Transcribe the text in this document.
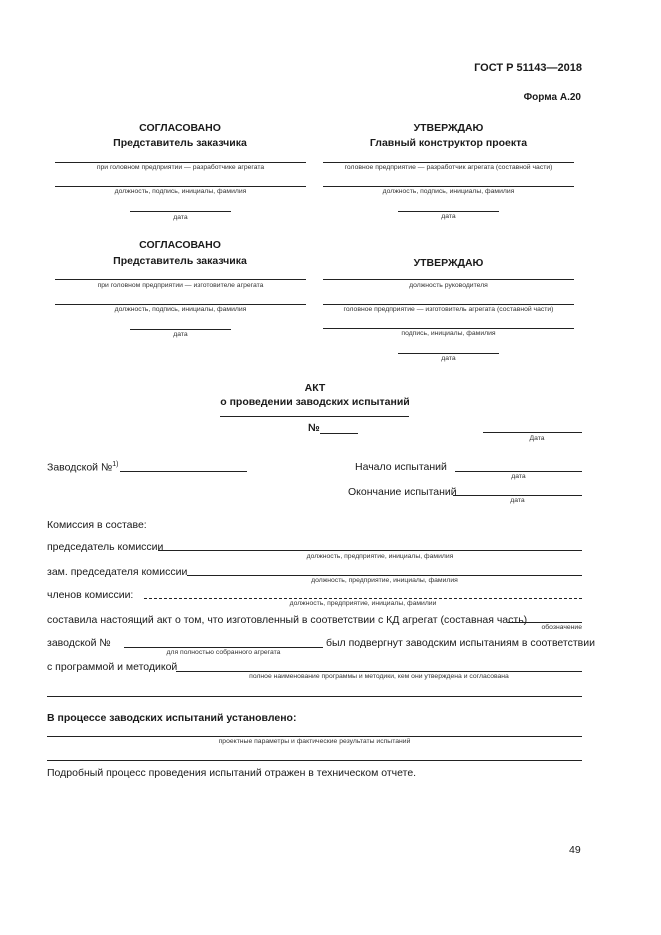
ГОСТ Р 51143—2018
Форма А.20
СОГЛАСОВАНО
Представитель заказчика
при головном предприятии — разработчике агрегата
должность, подпись, инициалы, фамилия
дата
УТВЕРЖДАЮ
Главный конструктор проекта
головное предприятие — разработчик агрегата (составной части)
должность, подпись, инициалы, фамилия
дата
СОГЛАСОВАНО
Представитель заказчика
при головном предприятии — изготовителе агрегата
должность, подпись, инициалы, фамилия
дата
УТВЕРЖДАЮ
должность руководителя
головное предприятие — изготовитель агрегата (составной части)
подпись, инициалы, фамилия
дата
АКТ
о проведении заводских испытаний
№
Дата
Заводской №$^{1)}$	Начало испытаний
дата
Окончание испытаний
дата
Комиссия в составе:
председатель комиссии
должность, предприятие, инициалы, фамилия
зам. председателя комиссии
должность, предприятие, инициалы, фамилия
членов комиссии:
должность, предприятие, инициалы, фамилии
составила настоящий акт о том, что изготовленный в соответствии с КД агрегат (составная часть)
обозначение
заводской №
для полностью собранного агрегата
был подвергнут заводским испытаниям в соответствии
с программой и методикой
полное наименование программы и методики, кем они утверждена и согласована
В процессе заводских испытаний установлено:
проектные параметры и фактические результаты испытаний
Подробный процесс проведения испытаний отражен в техническом отчете.
49
